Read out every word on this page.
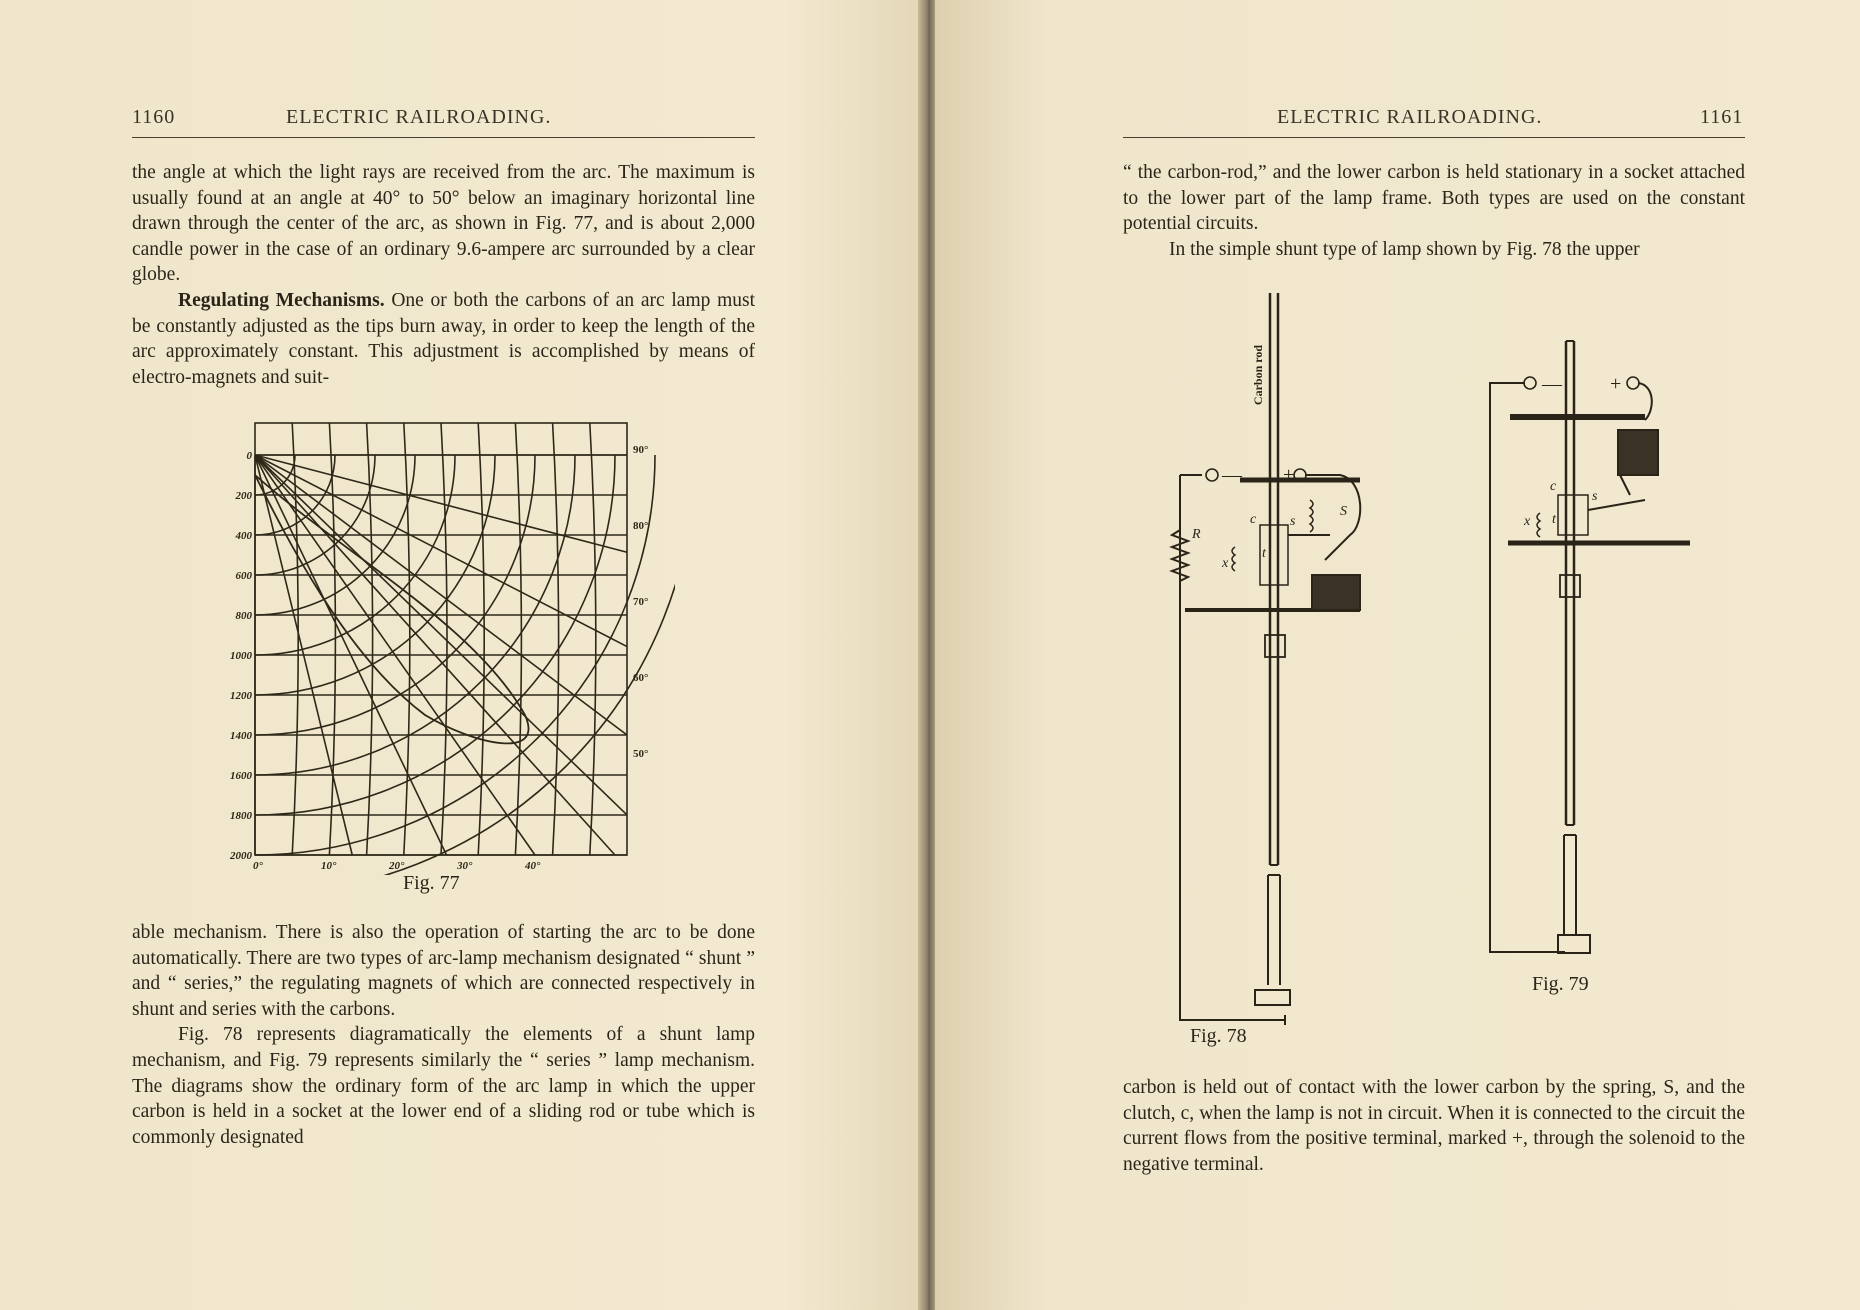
1160	ELECTRIC RAILROADING.

the angle at which the light rays are received from the arc. The maximum is usually found at an angle at 40° to 50° below an imaginary horizontal line drawn through the center of the arc, as shown in Fig. 77, and is about 2,000 candle power in the case of an ordinary 9.6-ampere arc surrounded by a clear globe.

Regulating Mechanisms. One or both the carbons of an arc lamp must be constantly adjusted as the tips burn away, in order to keep the length of the arc approximately constant. This adjustment is accomplished by means of electro-magnets and suit-

0
200
400
600
800
1000
1200
1400
1600
1800
2000
0°	10°	20°	30°	40°
90°
80°
70°
60°
50°
Fig. 77

able mechanism. There is also the operation of starting the arc to be done automatically. There are two types of arc-lamp mechanism designated “ shunt ” and “ series,” the regulating magnets of which are connected respectively in shunt and series with the carbons.

Fig. 78 represents diagramatically the elements of a shunt lamp mechanism, and Fig. 79 represents similarly the “ series ” lamp mechanism. The diagrams show the ordinary form of the arc lamp in which the upper carbon is held in a socket at the lower end of a sliding rod or tube which is commonly designated

ELECTRIC RAILROADING.	1161

“ the carbon-rod,” and the lower carbon is held stationary in a socket attached to the lower part of the lamp frame. Both types are used on the constant potential circuits.

In the simple shunt type of lamp shown by Fig. 78 the upper

Carbon rod
— +
R
S
c s
t
x
Fig. 78
— +
c
s
t
x
Fig. 79

carbon is held out of contact with the lower carbon by the spring, S, and the clutch, c, when the lamp is not in circuit. When it is connected to the circuit the current flows from the positive terminal, marked +, through the solenoid to the negative terminal.
